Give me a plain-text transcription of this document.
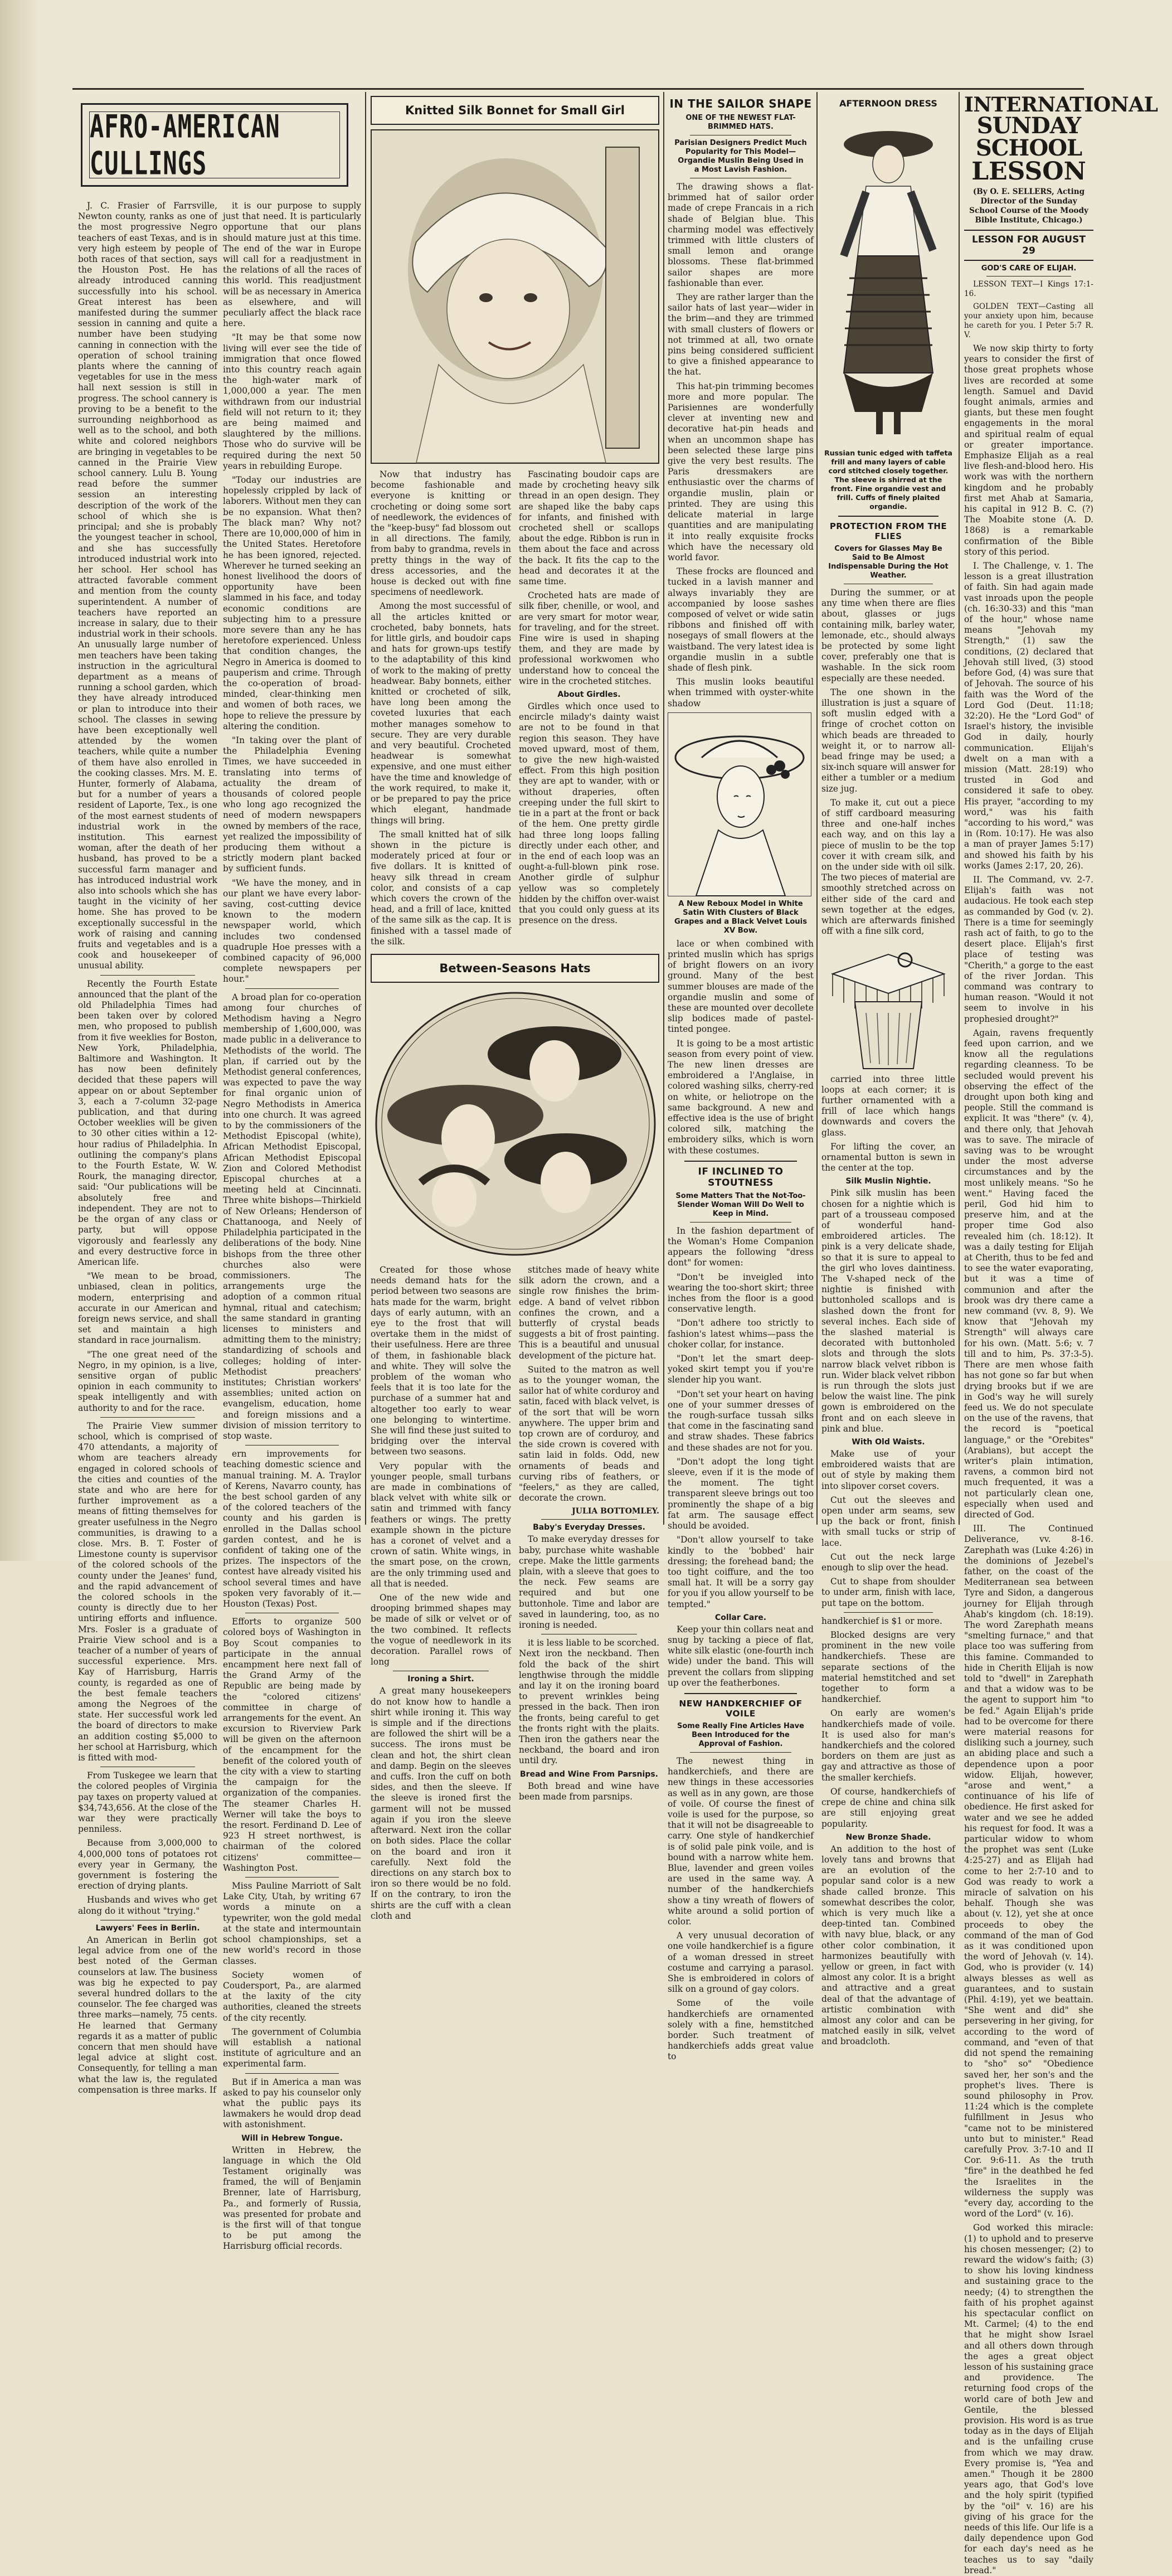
AFRO-AMERICAN CULLINGS

J. C. Frasier of Farrsville, Newton county, ranks as one of the most progressive Negro teachers of east Texas, and is in very high esteem by people of both races of that section, says the Houston Post. He has already introduced canning successfully into his school. Great interest has been manifested during the summer session in canning and quite a number have been studying canning in connection with the operation of school training plants where the canning of vegetables for use in the mess hall next session is still in progress. The school cannery is proving to be a benefit to the surrounding neighborhood as well as to the school, and both white and colored neighbors are bringing in vegetables to be canned in the Prairie View school cannery. Lulu B. Young read before the summer session an interesting description of the work of the school of which she is principal; and she is probably the youngest teacher in school, and she has successfully introduced industrial work into her school. Her school has attracted favorable comment and mention from the county superintendent. A number of teachers have reported an increase in salary, due to their industrial work in their schools. An unusually large number of men teachers have been taking instruction in the agricultural department as a means of running a school garden, which they have already introduced or plan to introduce into their school. The classes in sewing have been exceptionally well attended by the women teachers, while quite a number of them have also enrolled in the cooking classes. Mrs. M. E. Hunter, formerly of Alabama, but for a number of years a resident of Laporte, Tex., is one of the most earnest students of industrial work in the institution. This earnest woman, after the death of her husband, has proved to be a successful farm manager and has introduced industrial work also into schools which she has taught in the vicinity of her home. She has proved to be exceptionally successful in the work of raising and canning fruits and vegetables and is a cook and housekeeper of unusual ability.

Recently the Fourth Estate announced that the plant of the old Philadelphia Times had been taken over by colored men, who proposed to publish from it five weeklies for Boston, New York, Philadelphia, Baltimore and Washington. It has now been definitely decided that these papers will appear on or about September 3, each a 7-column 32-page publication, and that during October weeklies will be given to 30 other cities within a 12-hour radius of Philadelphia. In outlining the company's plans to the Fourth Estate, W. W. Rourk, the managing director, said: "Our publications will be absolutely free and independent. They are not to be the organ of any class or party, but will oppose vigorously and fearlessly any and every destructive force in American life.

"We mean to be broad, unbiased, clean in politics, modern, enterprising and accurate in our American and foreign news service, and shall set and maintain a high standard in race journalism.

"The one great need of the Negro, in my opinion, is a live, sensitive organ of public opinion in each community to speak intelligently and with authority to and for the race.

The Prairie View summer school, which is comprised of 470 attendants, a majority of whom are teachers already engaged in colored schools of the cities and counties of the state and who are here for further improvement as a means of fitting themselves for greater usefulness in the Negro communities, is drawing to a close. Mrs. B. T. Foster of Limestone county is supervisor of the colored schools of the county under the Jeanes' fund, and the rapid advancement of the colored schools in the county is directly due to her untiring efforts and influence. Mrs. Fosler is a graduate of Prairie View school and is a teacher of a number of years of successful experience. Mrs. Kay of Harrisburg, Harris county, is regarded as one of the best female teachers among the Negroes of the state. Her successful work led the board of directors to make an addition costing $5,000 to her school at Harrisburg, which is fitted with mod-

From Tuskegee we learn that the colored peoples of Virginia pay taxes on property valued at $34,743,656. At the close of the war they were practically penniless.

Because from 3,000,000 to 4,000,000 tons of potatoes rot every year in Germany, the government is fostering the erection of drying plants.

Husbands and wives who get along do it without "trying."

Lawyers' Fees in Berlin.

An American in Berlin got legal advice from one of the best noted of the German counselors at law. The business was big he expected to pay several hundred dollars to the counselor. The fee charged was three marks—namely, 75 cents. He learned that Germany regards it as a matter of public concern that men should have legal advice at slight cost. Consequently, for telling a man what the law is, the regulated compensation is three marks. If

it is our purpose to supply just that need. It is particularly opportune that our plans should mature just at this time. The end of the war in Europe will call for a readjustment in the relations of all the races of this world. This readjustment will be as necessary in America as elsewhere, and will peculiarly affect the black race here.

"It may be that some now living will ever see the tide of immigration that once flowed into this country reach again the high-water mark of 1,000,000 a year. The men withdrawn from our industrial field will not return to it; they are being maimed and slaughtered by the millions. Those who do survive will be required during the next 50 years in rebuilding Europe.

"Today our industries are hopelessly crippled by lack of laborers. Without men they can be no expansion. What then? The black man? Why not? There are 10,000,000 of him in the United States. Heretofore he has been ignored, rejected. Wherever he turned seeking an honest livelihood the doors of opportunity have been slammed in his face, and today economic conditions are subjecting him to a pressure more severe than any he has heretofore experienced. Unless that condition changes, the Negro in America is doomed to pauperism and crime. Through the co-operation of broad-minded, clear-thinking men and women of both races, we hope to relieve the pressure by altering the condition.

"In taking over the plant of the Philadelphia Evening Times, we have succeeded in translating into terms of actuality the dream of thousands of colored people who long ago recognized the need of modern newspapers owned by members of the race, yet realized the impossibility of producing them without a strictly modern plant backed by sufficient funds.

"We have the money, and in our plant we have every labor-saving, cost-cutting device known to the modern newspaper world, which includes two condensed quadruple Hoe presses with a combined capacity of 96,000 complete newspapers per hour."

A broad plan for co-operation among four churches of Methodism having a Negro membership of 1,600,000, was made public in a deliverance to Methodists of the world. The plan, if carried out by the Methodist general conferences, was expected to pave the way for final organic union of Negro Methodists in America into one church. It was agreed to by the commissioners of the Methodist Episcopal (white), African Methodist Episcopal, African Methodist Episcopal Zion and Colored Methodist Episcopal churches at a meeting held at Cincinnati. Three white bishops—Thirkield of New Orleans; Henderson of Chattanooga, and Neely of Philadelphia participated in the deliberations of the body. Nine bishops from the three other churches also were commissioners. The arrangements urge the adoption of a common ritual hymnal, ritual and catechism; the same standard in granting licenses to ministers and admitting them to the ministry; standardizing of schools and colleges; holding of inter-Methodist preachers' institutes; Christian workers' assemblies; united action on evangelism, education, home and foreign missions and a division of mission territory to stop waste.

ern improvements for teaching domestic science and manual training. M. A. Traylor of Kerens, Navarro county, has the best school garden of any of the colored teachers of the county and his garden is enrolled in the Dallas school garden contest, and he is confident of taking one of the prizes. The inspectors of the contest have already visited his school several times and have spoken very favorably of it.—Houston (Texas) Post.

Efforts to organize 500 colored boys of Washington in Boy Scout companies to participate in the annual encampment here next fall of the Grand Army of the Republic are being made by the "colored citizens' committee in charge of arrangements for the event. An excursion to Riverview Park will be given on the afternoon of the encampment for the benefit of the colored youth of the city with a view to starting the campaign for the organization of the companies. The steamer Charles H. Werner will take the boys to the resort. Ferdinand D. Lee of 923 H street northwest, is chairman of the colored citizens' committee—Washington Post.

Miss Pauline Marriott of Salt Lake City, Utah, by writing 67 words a minute on a typewriter, won the gold medal at the state and intermountain school championships, set a new world's record in those classes.

Society women of Coudersport, Pa., are alarmed at the laxity of the city authorities, cleaned the streets of the city recently.

The government of Columbia will establish a national institute of agriculture and an experimental farm.

But if in America a man was asked to pay his counselor only what the public pays its lawmakers he would drop dead with astonishment.

Will in Hebrew Tongue.

Written in Hebrew, the language in which the Old Testament originally was framed, the will of Benjamin Brenner, late of Harrisburg, Pa., and formerly of Russia, was presented for probate and is the first will of that tongue to be put among the Harrisburg official records.

Knitted Silk Bonnet for Small Girl

Now that industry has become fashionable and everyone is knitting or crocheting or doing some sort of needlework, the evidences of the "keep-busy" fad blossom out in all directions. The family, from baby to grandma, revels in pretty things in the way of dress accessories, and the house is decked out with fine specimens of needlework.

Among the most successful of all the articles knitted or crocheted, baby bonnets, hats for little girls, and boudoir caps and hats for grown-ups testify to the adaptability of this kind of work to the making of pretty headwear. Baby bonnets, either knitted or crocheted of silk, have long been among the coveted luxuries that each mother manages somehow to secure. They are very durable and very beautiful. Crocheted headwear is somewhat expensive, and one must either have the time and knowledge of the work required, to make it, or be prepared to pay the price which elegant, handmade things will bring.

The small knitted hat of silk shown in the picture is moderately priced at four or five dollars. It is knitted of heavy silk thread in cream color, and consists of a cap which covers the crown of the head, and a frill of lace, knitted of the same silk as the cap. It is finished with a tassel made of the silk.

Fascinating boudoir caps are made by crocheting heavy silk thread in an open design. They are shaped like the baby caps for infants, and finished with crocheted shell or scallops about the edge. Ribbon is run in them about the face and across the back. It fits the cap to the head and decorates it at the same time.

Crocheted hats are made of silk fiber, chenille, or wool, and are very smart for motor wear, for traveling, and for the street. Fine wire is used in shaping them, and they are made by professional workwomen who understand how to conceal the wire in the crocheted stitches.

About Girdles.

Girdles which once used to encircle milady's dainty waist are not to be found in that region this season. They have moved upward, most of them, to give the new high-waisted effect. From this high position they are apt to wander, with or without draperies, often creeping under the full skirt to tie in a part at the front or back of the hem. One pretty girdle had three long loops falling directly under each other, and in the end of each loop was an ought-a-full-blown pink rose. Another girdle of sulphur yellow was so completely hidden by the chiffon over-waist that you could only guess at its presence on the dress.

Between-Seasons Hats

Created for those whose needs demand hats for the period between two seasons are hats made for the warm, bright days of early autumn, with an eye to the frost that will overtake them in the midst of their usefulness. Here are three of them, in fashionable black and white. They will solve the problem of the woman who feels that it is too late for the purchase of a summer hat and altogether too early to wear one belonging to wintertime. She will find these just suited to bridging over the interval between two seasons.

Very popular with the younger people, small turbans are made in combinations of black velvet with white silk or satin and trimmed with fancy feathers or wings. The pretty example shown in the picture has a coronet of velvet and a crown of satin. White wings, in the smart pose, on the crown, are the only trimming used and all that is needed.

One of the new wide and drooping brimmed shapes may be made of silk or velvet or of the two combined. It reflects the vogue of needlework in its decoration. Parallel rows of long

Ironing a Shirt.

A great many housekeepers do not know how to handle a shirt while ironing it. This way is simple and if the directions are followed the shirt will be a success. The irons must be clean and hot, the shirt clean and damp. Begin on the sleeves and cuffs. Iron the cuff on both sides, and then the sleeve. If the sleeve is ironed first the garment will not be mussed again if you iron the sleeve afterward. Next iron the collar on both sides. Place the collar on the board and iron it carefully. Next fold the directions on any starch box to iron so there would be no fold. If on the contrary, to iron the shirts are the cuff with a clean cloth and

stitches made of heavy white silk adorn the crown, and a single row finishes the brim-edge. A band of velvet ribbon confines the crown, and a butterfly of crystal beads suggests a bit of frost painting. This is a beautiful and unusual development of the picture hat.

Suited to the matron as well as to the younger woman, the sailor hat of white corduroy and satin, faced with black velvet, is of the sort that will be worn anywhere. The upper brim and top crown are of corduroy, and the side crown is covered with satin laid in folds. Odd, new ornaments of beads and curving ribs of feathers, or "feelers," as they are called, decorate the crown.

JULIA BOTTOMLEY.
Baby's Everyday Dresses.

To make everyday dresses for baby, purchase white washable crepe. Make the little garments plain, with a sleeve that goes to the neck. Few seams are required and but one buttonhole. Time and labor are saved in laundering, too, as no ironing is needed.

it is less liable to be scorched. Next iron the neckband. Then fold the back of the shirt lengthwise through the middle and lay it on the ironing board to prevent wrinkles being pressed in the back. Then iron the fronts, being careful to get the fronts right with the plaits. Then iron the gathers near the neckband, the board and iron until dry.

Bread and Wine From Parsnips.

Both bread and wine have been made from parsnips.

IN THE SAILOR SHAPE
ONE OF THE NEWEST FLAT-BRIMMED HATS.
Parisian Designers Predict Much Popularity for This Model—Organdie Muslin Being Used in a Most Lavish Fashion.

The drawing shows a flat-brimmed hat of sailor order made of crepe Francais in a rich shade of Belgian blue. This charming model was effectively trimmed with little clusters of small lemon and orange blossoms. These flat-brimmed sailor shapes are more fashionable than ever.

They are rather larger than the sailor hats of last year—wider in the brim—and they are trimmed with small clusters of flowers or not trimmed at all, two ornate pins being considered sufficient to give a finished appearance to the hat.

This hat-pin trimming becomes more and more popular. The Parisiennes are wonderfully clever at inventing new and decorative hat-pin heads and when an uncommon shape has been selected these large pins give the very best results. The Paris dressmakers are enthusiastic over the charms of organdie muslin, plain or printed. They are using this delicate material in large quantities and are manipulating it into really exquisite frocks which have the necessary old world favor.

These frocks are flounced and tucked in a lavish manner and always invariably they are accompanied by loose sashes composed of velvet or wide satin ribbons and finished off with nosegays of small flowers at the waistband. The very latest idea is organdie muslin in a subtle shade of flesh pink.

This muslin looks beautiful when trimmed with oyster-white shadow

A New Reboux Model in White Satin With Clusters of Black Grapes and a Black Velvet Louis XV Bow.

lace or when combined with printed muslin which has sprigs of bright flowers on an ivory ground. Many of the best summer blouses are made of the organdie muslin and some of these are mounted over decollete slip bodices made of pastel-tinted pongee.

It is going to be a most artistic season from every point of view. The new linen dresses are embroidered a l'Anglaise, in colored washing silks, cherry-red on white, or heliotrope on the same background. A new and effective idea is the use of bright colored silk, matching the embroidery silks, which is worn with these costumes.

IF INCLINED TO STOUTNESS
Some Matters That the Not-Too-Slender Woman Will Do Well to Keep in Mind.

In the fashion department of the Woman's Home Companion appears the following "dress dont" for women:

"Don't be inveigled into wearing the too-short skirt; three inches from the floor is a good conservative length.

"Don't adhere too strictly to fashion's latest whims—pass the choker collar, for instance.

"Don't let the smart deep-yoked skirt tempt you if you're slender hip you want.

"Don't set your heart on having one of your summer dresses of the rough-surface tussah silks that come in the fascinating sand and straw shades. These fabrics and these shades are not for you.

"Don't adopt the long tight sleeve, even if it is the mode of the moment. The tight transparent sleeve brings out too prominently the shape of a big fat arm. The sausage effect should be avoided.

"Don't allow yourself to take kindly to the 'bobbed' hair dressing; the forehead band; the too tight coiffure, and the too small hat. It will be a sorry gay for you if you allow yourself to be tempted."

Collar Care.

Keep your thin collars neat and snug by tacking a piece of flat, white silk elastic (one-fourth inch wide) under the band. This will prevent the collars from slipping up over the featherbones.

NEW HANDKERCHIEF OF VOILE
Some Really Fine Articles Have Been Introduced for the Approval of Fashion.

The newest thing in handkerchiefs, and there are new things in these accessories as well as in any gown, are those of voile. Of course the finest of voile is used for the purpose, so that it will not be disagreeable to carry. One style of handkerchief is of solid pale pink voile, and is bound with a narrow white hem. Blue, lavender and green voiles are used in the same way. A number of the handkerchiefs show a tiny wreath of flowers of white around a solid portion of color.

A very unusual decoration of one voile handkerchief is a figure of a woman dressed in street costume and carrying a parasol. She is embroidered in colors of silk on a ground of gay colors.

Some of the voile handkerchiefs are ornamented solely with a fine, hemstitched border. Such treatment of handkerchiefs adds great value to

AFTERNOON DRESS
Russian tunic edged with taffeta frill and many layers of cable cord stitched closely together. The sleeve is shirred at the front. Fine organdie vest and frill. Cuffs of finely plaited organdie.
PROTECTION FROM THE FLIES
Covers for Glasses May Be Said to Be Almost Indispensable During the Hot Weather.

During the summer, or at any time when there are flies about, glasses or jugs containing milk, barley water, lemonade, etc., should always be protected by some light cover, preferably one that is washable. In the sick room especially are these needed.

The one shown in the illustration is just a square of soft muslin edged with a fringe of crochet cotton on which beads are threaded to weight it, or to narrow all-bead fringe may be used; a six-inch square will answer for either a tumbler or a medium size jug.

To make it, cut out a piece of stiff cardboard measuring three and one-half inches each way, and on this lay a piece of muslin to be the top cover it with cream silk, and on the under side with oil silk. The two pieces of material are smoothly stretched across on either side of the card and sewn together at the edges, which are afterwards finished off with a fine silk cord,

carried into three little loops at each corner; it is further ornamented with a frill of lace which hangs downwards and covers the glass.

For lifting the cover, an ornamental button is sewn in the center at the top.

Silk Muslin Nightie.

Pink silk muslin has been chosen for a nightie which is part of a trousseau composed of wonderful hand-embroidered articles. The pink is a very delicate shade, so that it is sure to appeal to the girl who loves daintiness. The V-shaped neck of the nightie is finished with buttonholed scallops and is slashed down the front for several inches. Each side of the slashed material is decorated with buttonholed slots and through the slots narrow black velvet ribbon is run. Wider black velvet ribbon is run through the slots just below the waist line. The pink gown is embroidered on the front and on each sleeve in pink and blue.

With Old Waists.

Make use of your embroidered waists that are out of style by making them into slipover corset covers.

Cut out the sleeves and open under arm seams, sew up the back or front, finish with small tucks or strip of lace.

Cut out the neck large enough to slip over the head.

Cut to shape from shoulder to under arm, finish with lace, put tape on the bottom.

handkerchief is $1 or more.

Blocked designs are very prominent in the new voile handkerchiefs. These are separate sections of the material hemstitched and set together to form a handkerchief.

On early are women's handkerchiefs made of voile. It is used also for man's handkerchiefs and the colored borders on them are just as gay and attractive as those of the smaller kerchiefs.

Of course, handkerchiefs of crepe de chine and china silk are still enjoying great popularity.

New Bronze Shade.

An addition to the host of lovely tans and browns that are an evolution of the popular sand color is a new shade called bronze. This somewhat describes the color, which is very much like a deep-tinted tan. Combined with navy blue, black, or any other color combination, it harmonizes beautifully with yellow or green, in fact with almost any color. It is a bright and attractive and a great deal of that the advantage of artistic combination with almost any color and can be matched easily in silk, velvet and broadcloth.

INTERNATIONAL
SUNDAY SCHOOL
LESSON
(By O. E. SELLERS, Acting Director of the Sunday School Course of the Moody Bible Institute, Chicago.)
LESSON FOR AUGUST 29
GOD'S CARE OF ELIJAH.

LESSON TEXT—I Kings 17:1-16.

GOLDEN TEXT—Casting all your anxiety upon him, because he careth for you. I Peter 5:7 R. V.

We now skip thirty to forty years to consider the first of those great prophets whose lives are recorded at some length. Samuel and David fought animals, armies and giants, but these men fought engagements in the moral and spiritual realm of equal or greater importance. Emphasize Elijah as a real live flesh-and-blood hero. His work was with the northern kingdom and he probably first met Ahab at Samaria, his capital in 912 B. C. (?) The Moabite stone (A. D. 1868) is a remarkable confirmation of the Bible story of this period.

I. The Challenge, v. 1. The lesson is a great illustration of faith. Sin had again made vast inroads upon the people (ch. 16:30-33) and this "man of the hour," whose name means "Jehovah my Strength," (1) saw the conditions, (2) declared that Jehovah still lived, (3) stood before God, (4) was sure that of Jehovah. The source of his faith was the Word of the Lord God (Deut. 11:18; 32:20). He the "Lord God" of Israel's history, the invisible God in daily, hourly communication. Elijah's dwelt on a man with a mission (Matt. 28:19) who trusted in God and considered it safe to obey. His prayer, "according to my word," was his faith "according to his word," was in (Rom. 10:17). He was also a man of prayer James 5:17) and showed his faith by his works (James 2:17, 20, 26).

II. The Command, vv. 2-7. Elijah's faith was not audacious. He took each step as commanded by God (v. 2). There is a time for seemingly rash act of faith, to go to the desert place. Elijah's first place of testing was "Cherith," a gorge to the east of the river Jordan. This command was contrary to human reason. "Would it not seem to involve in his prophesied drought?"

Again, ravens frequently feed upon carrion, and we know all the regulations regarding cleanness. To be secluded would prevent his observing the effect of the drought upon both king and people. Still the command is explicit. It was "there" (v. 4), and there only, that Jehovah was to save. The miracle of saving was to be wrought under the most adverse circumstances and by the most unlikely means. "So he went." Having faced the peril, God hid him to preserve him, and at the proper time God also revealed him (ch. 18:12). It was a daily testing for Elijah at Cherith, thus to be fed and to see the water evaporating, but it was a time of communion and after the brook was dry there came a new command (vv. 8, 9). We know that "Jehovah my Strength" will always care for his own. (Matt. 5:6; v. 7 till and to him, Ps. 37:3-5). There are men whose faith has not gone so far but when drying brooks but if we are in God's way he will surely feed us. We do not speculate on the use of the ravens, that the record is "poetical language," or the "Orebites" (Arabians), but accept the writer's plain intimation, ravens, a common bird not much frequented, it was a not particularly clean one, especially when used and directed of God.

III. The Continued Deliverance, vv. 8-16. Zarephath was (Luke 4:26) in the dominions of Jezebel's father, on the coast of the Mediterranean sea between Tyre and Sidon, a dangerous journey for Elijah through Ahab's kingdom (ch. 18:19). The word Zarephath means "smelting furnace," and that place too was suffering from this famine. Commanded to hide in Cherith Elijah is now told to "dwell" in Zarephath and that a widow was to be the agent to support him "to be fed." Again Elijah's pride had to be overcome for there were material reasons for disliking such a journey, such an abiding place and such a dependence upon a poor widow. Elijah, however, "arose and went," a continuance of his life of obedience. He first asked for water and we see he added his request for food. It was a particular widow to whom the prophet was sent (Luke 4:25-27) and as Elijah had come to her 2:7-10 and to God was ready to work a miracle of salvation on his behalf. Though she was about (v. 12), yet she at once proceeds to obey the command of the man of God as it was conditioned upon the word of Jehovah (v. 14). God, who is provider (v. 14) always blesses as well as guarantees, and to sustain (Phil. 4:19), yet we beattain. "She went and did" she persevering in her giving, for according to the word of command, and "even of that did not spend the remaining to "sho" so" "Obedience saved her, her son's and the prophet's lives. There is sound philosophy in Prov. 11:24 which is the complete fulfillment in Jesus who "came not to be ministered unto but to minister." Read carefully Prov. 3:7-10 and II Cor. 9:6-11. As the truth "fire" in the deathbed he fed the Israelites in the wilderness the supply was "every day, according to the word of the Lord" (v. 16).

God worked this miracle: (1) to uphold and to preserve his chosen messenger; (2) to reward the widow's faith; (3) to show his loving kindness and sustaining grace to the needy; (4) to strengthen the faith of his prophet against his spectacular conflict on Mt. Carmel; (4) to the end that he might show Israel and all others down through the ages a great object lesson of his sustaining grace and providence. The returning food crops of the world care of both Jew and Gentile, the blessed provision. His word is as true today as in the days of Elijah and is the unfailing cruse from which we may draw. Every promise is, "Yea and amen." Though it be 2800 years ago, that God's love and the holy spirit (typified by the "oil" v. 16) are his giving of his grace for the needs of this life. Our life is a daily dependence upon God for each day's need as he teaches us to say "daily bread."
